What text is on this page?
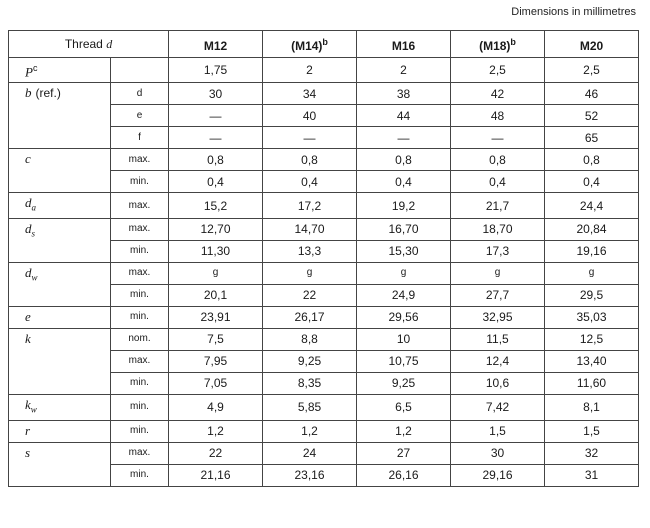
Dimensions in millimetres
Thread d		M12	$(M14)^b$	M16	$(M18)^b$	M20
$P^c$		1,75	2	2	2,5	2,5
b (ref.)	d	30	34	38	42	46
	e	—	40	44	48	52
	f	—	—	—	—	65
c	max.	0,8	0,8	0,8	0,8	0,8
	min.	0,4	0,4	0,4	0,4	0,4
$d_a$	max.	15,2	17,2	19,2	21,7	24,4
$d_s$	max.	12,70	14,70	16,70	18,70	20,84
	min.	11,30	13,3	15,30	17,3	19,16
$d_w$	max.	g	g	g	g	g
	min.	20,1	22	24,9	27,7	29,5
e	min.	23,91	26,17	29,56	32,95	35,03
k	nom.	7,5	8,8	10	11,5	12,5
	max.	7,95	9,25	10,75	12,4	13,40
	min.	7,05	8,35	9,25	10,6	11,60
$k_w$	min.	4,9	5,85	6,5	7,42	8,1
r	min.	1,2	1,2	1,2	1,5	1,5
s	max.	22	24	27	30	32
	min.	21,16	23,16	26,16	29,16	31
